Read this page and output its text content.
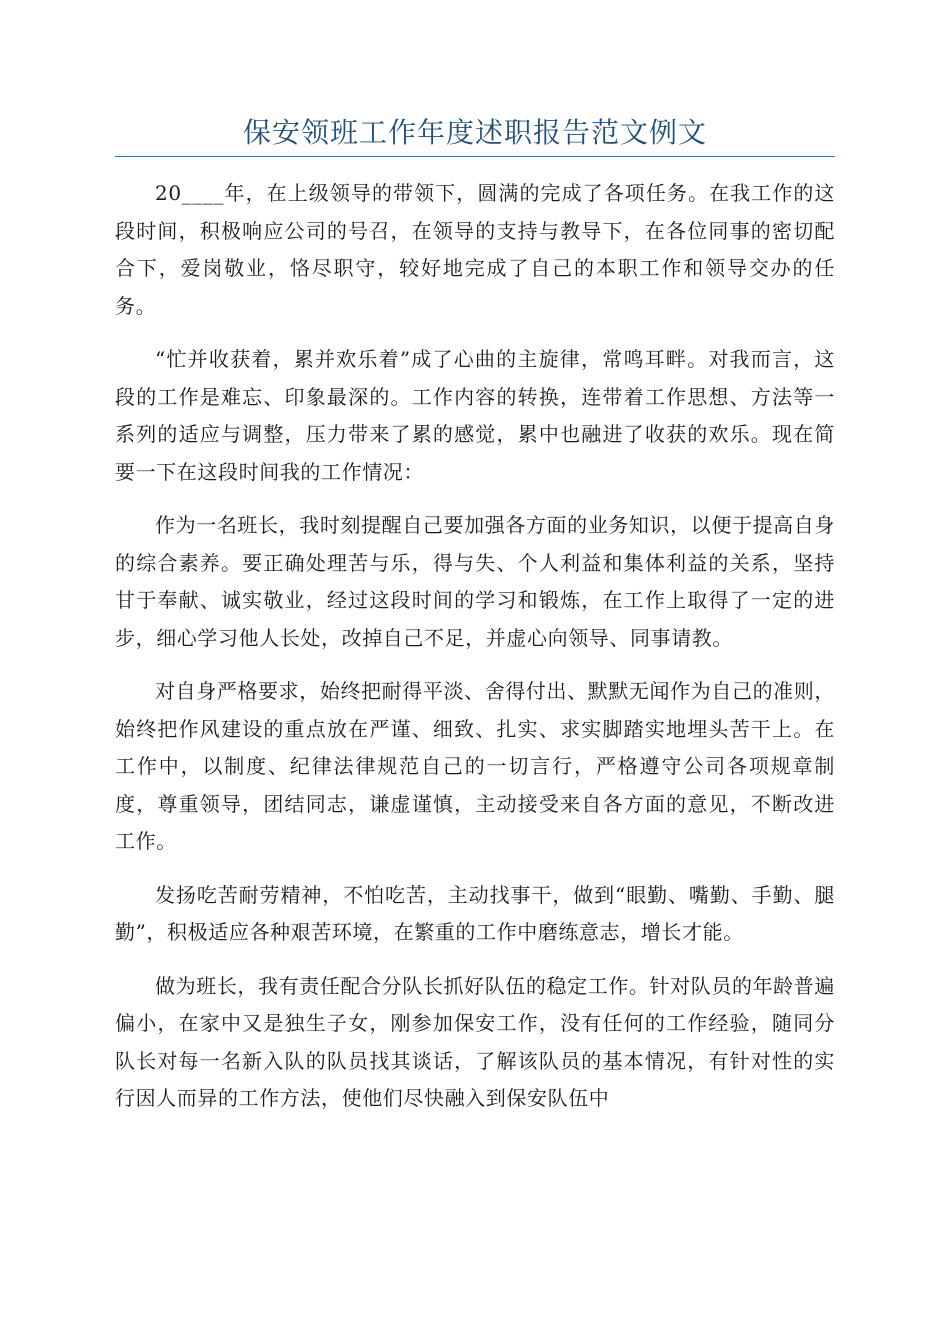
保安领班工作年度述职报告范文例文

20____年，在上级领导的带领下，圆满的完成了各项任务。在我工作的这段时间，积极响应公司的号召，在领导的支持与教导下，在各位同事的密切配合下，爱岗敬业，恪尽职守，较好地完成了自己的本职工作和领导交办的任务。

“忙并收获着，累并欢乐着”成了心曲的主旋律，常鸣耳畔。对我而言，这段的工作是难忘、印象最深的。工作内容的转换，连带着工作思想、方法等一系列的适应与调整，压力带来了累的感觉，累中也融进了收获的欢乐。现在简要一下在这段时间我的工作情况：

作为一名班长，我时刻提醒自己要加强各方面的业务知识，以便于提高自身的综合素养。要正确处理苦与乐，得与失、个人利益和集体利益的关系，坚持甘于奉献、诚实敬业，经过这段时间的学习和锻炼，在工作上取得了一定的进步，细心学习他人长处，改掉自己不足，并虚心向领导、同事请教。

对自身严格要求，始终把耐得平淡、舍得付出、默默无闻作为自己的准则，始终把作风建设的重点放在严谨、细致、扎实、求实脚踏实地埋头苦干上。在工作中，以制度、纪律法律规范自己的一切言行，严格遵守公司各项规章制度，尊重领导，团结同志，谦虚谨慎，主动接受来自各方面的意见，不断改进工作。

发扬吃苦耐劳精神，不怕吃苦，主动找事干，做到“眼勤、嘴勤、手勤、腿勤”，积极适应各种艰苦环境，在繁重的工作中磨练意志，增长才能。

做为班长，我有责任配合分队长抓好队伍的稳定工作。针对队员的年龄普遍偏小，在家中又是独生子女，刚参加保安工作，没有任何的工作经验，随同分队长对每一名新入队的队员找其谈话，了解该队员的基本情况，有针对性的实行因人而异的工作方法，使他们尽快融入到保安队伍中
